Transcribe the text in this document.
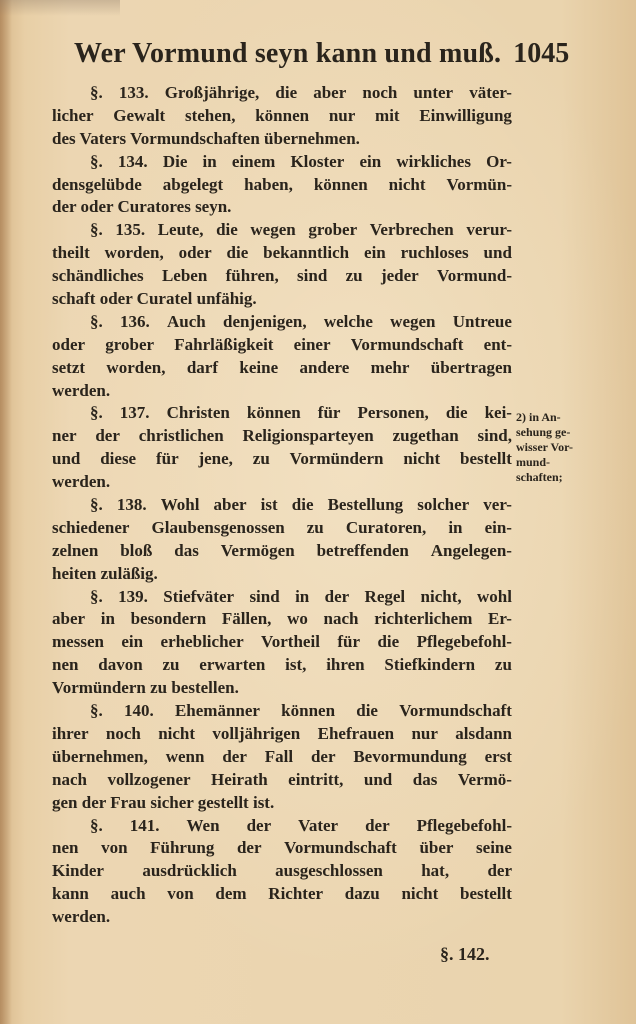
Wer Vormund seyn kann und muß. 1045
§. 133. Großjährige, die aber noch unter väter-
licher Gewalt stehen, können nur mit Einwilligung
des Vaters Vormundschaften übernehmen.
§. 134. Die in einem Kloster ein wirkliches Or-
densgelübde abgelegt haben, können nicht Vormün-
der oder Curatores seyn.
§. 135. Leute, die wegen grober Verbrechen verur-
theilt worden, oder die bekanntlich ein ruchloses und
schändliches Leben führen, sind zu jeder Vormund-
schaft oder Curatel unfähig.
§. 136. Auch denjenigen, welche wegen Untreue
oder grober Fahrläßigkeit einer Vormundschaft ent-
setzt worden, darf keine andere mehr übertragen
werden.
§. 137. Christen können für Personen, die kei-
ner der christlichen Religionsparteyen zugethan sind,
und diese für jene, zu Vormündern nicht bestellt
werden.
§. 138. Wohl aber ist die Bestellung solcher ver-
schiedener Glaubensgenossen zu Curatoren, in ein-
zelnen bloß das Vermögen betreffenden Angelegen-
heiten zuläßig.
§. 139. Stiefväter sind in der Regel nicht, wohl
aber in besondern Fällen, wo nach richterlichem Er-
messen ein erheblicher Vortheil für die Pflegebefohl-
nen davon zu erwarten ist, ihren Stiefkindern zu
Vormündern zu bestellen.
§. 140. Ehemänner können die Vormundschaft
ihrer noch nicht volljährigen Ehefrauen nur alsdann
übernehmen, wenn der Fall der Bevormundung erst
nach vollzogener Heirath eintritt, und das Vermö-
gen der Frau sicher gestellt ist.
§. 141. Wen der Vater der Pflegebefohl-
nen von Führung der Vormundschaft über seine
Kinder ausdrücklich ausgeschlossen hat, der
kann auch von dem Richter dazu nicht bestellt
werden.
2) in An-
sehung ge-
wisser Vor-
mund-
schaften;
§. 142.
